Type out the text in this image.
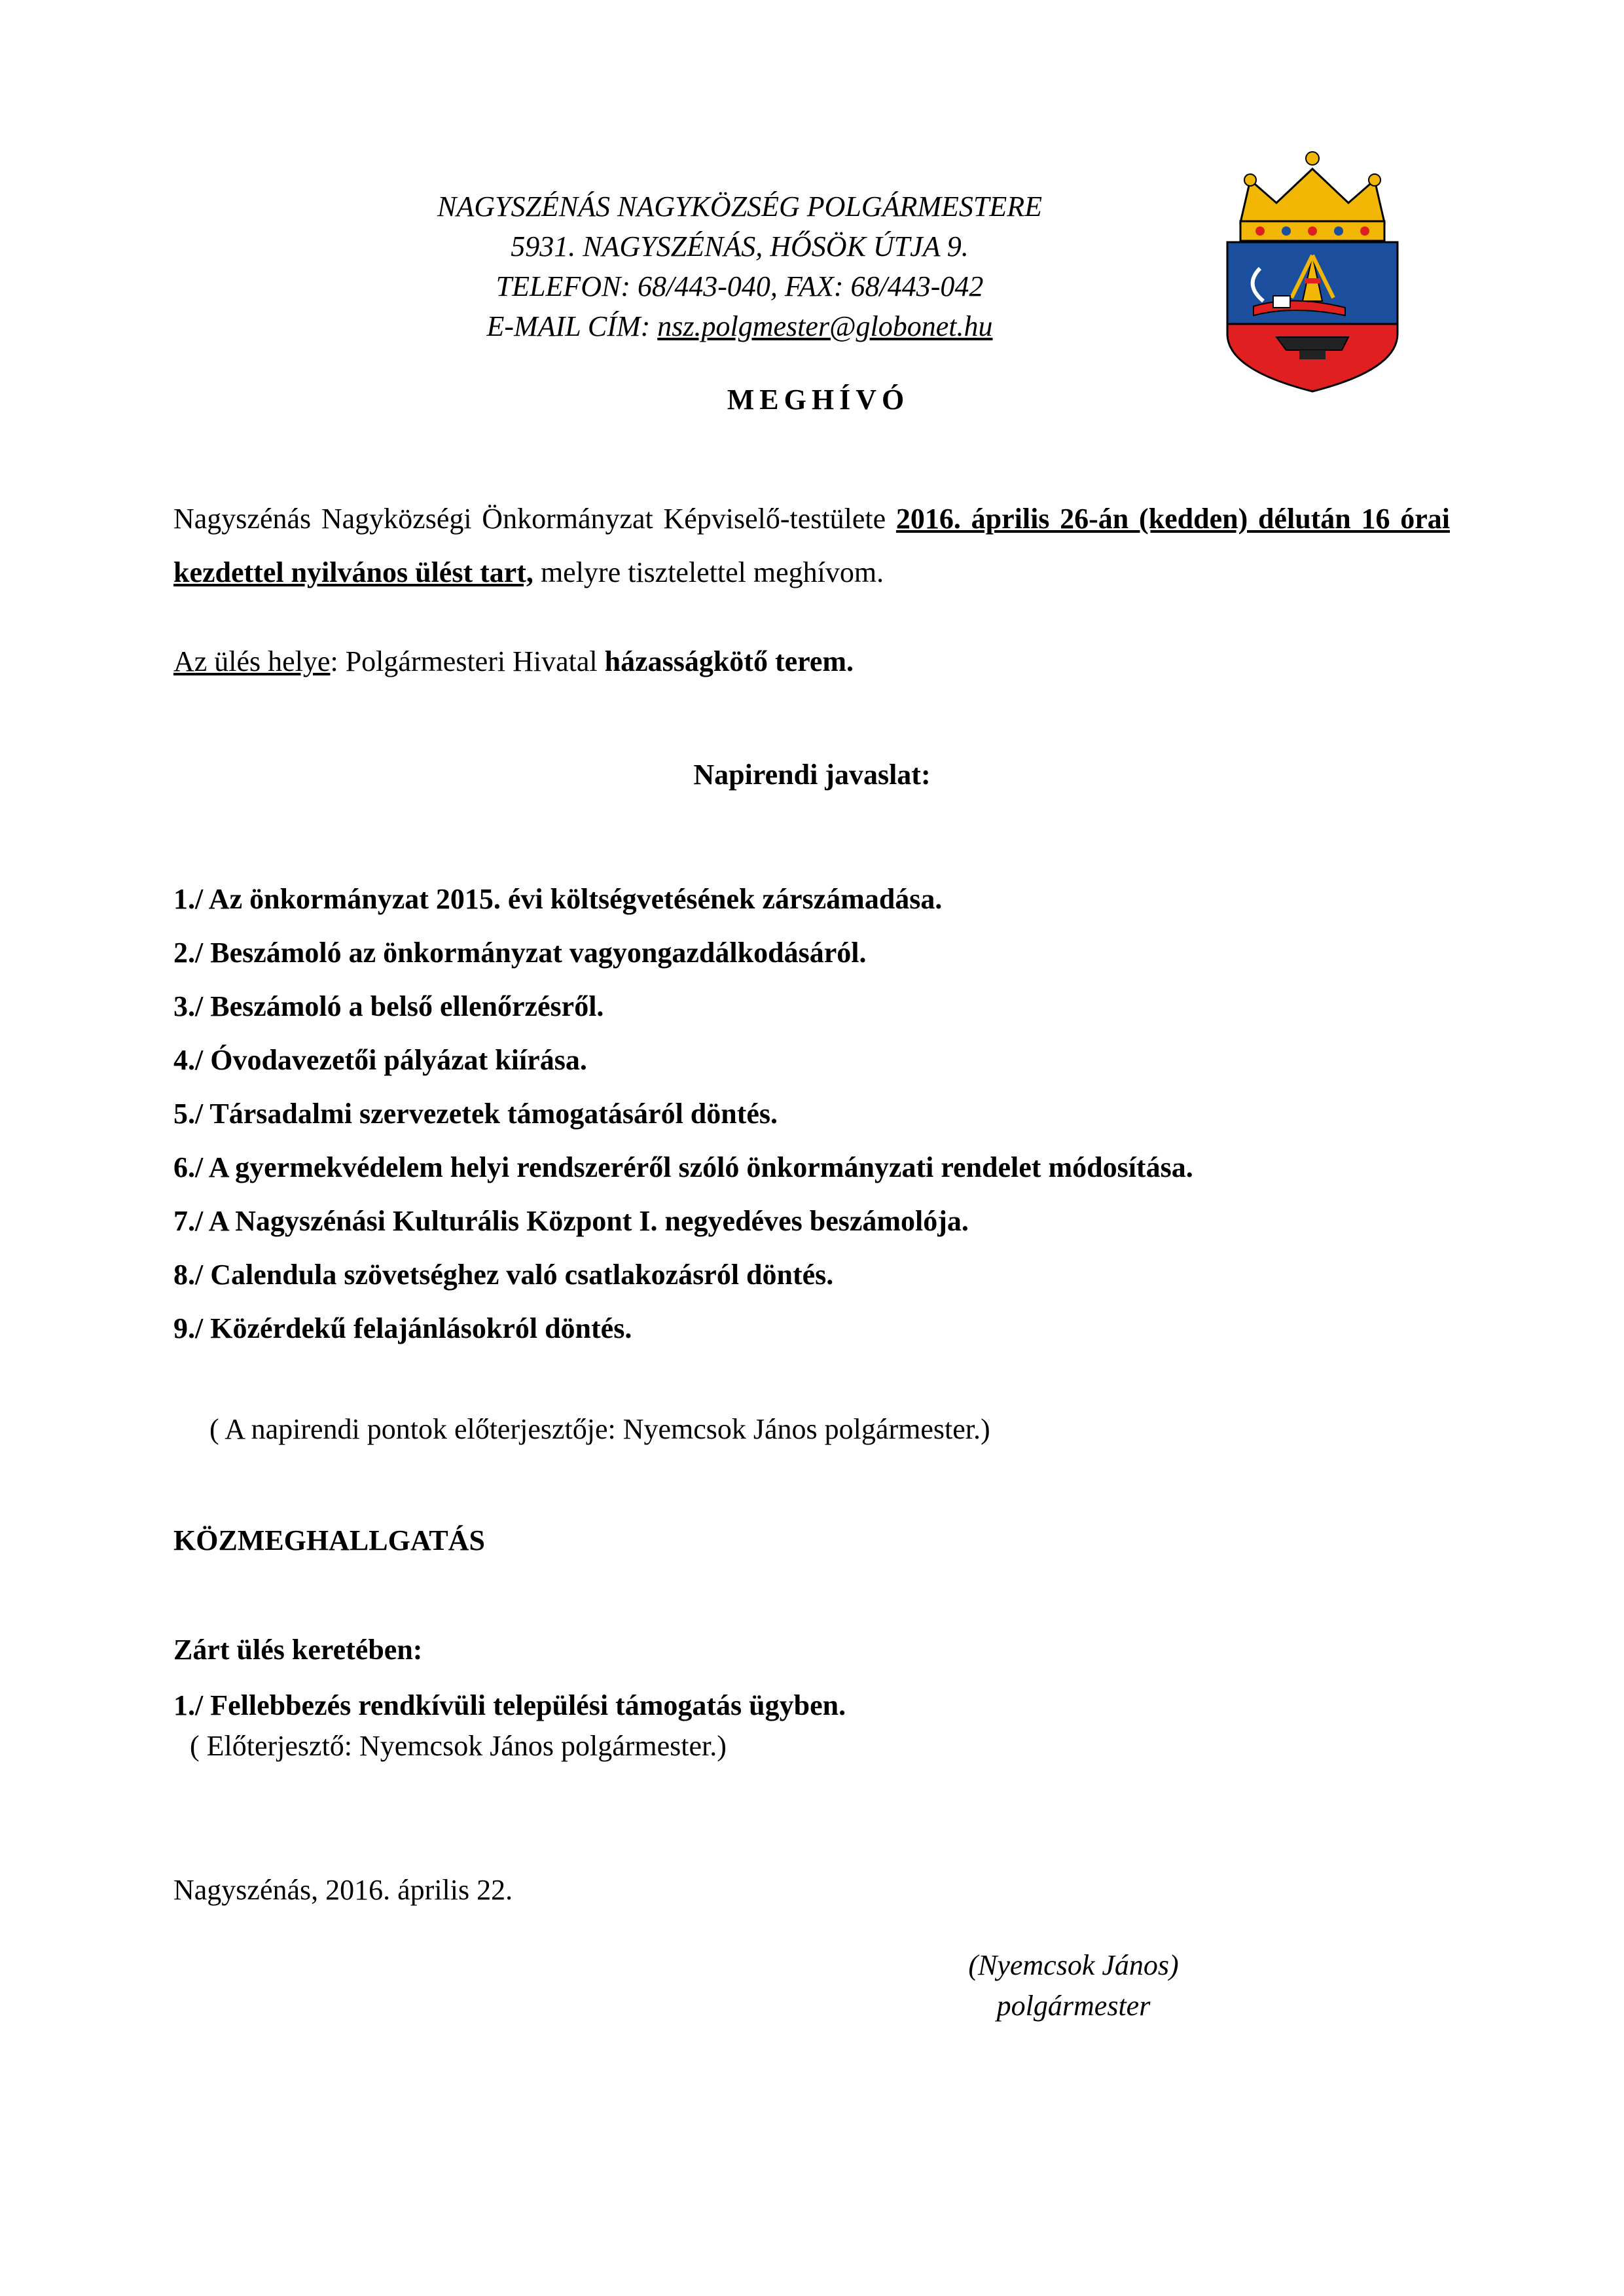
NAGYSZÉNÁS NAGYKÖZSÉG POLGÁRMESTERE
5931. NAGYSZÉNÁS, HŐSÖK ÚTJA 9.
TELEFON: 68/443-040, FAX: 68/443-042
E-MAIL CÍM: nsz.polgmester@globonet.hu
MEGHÍVÓ
Nagyszénás Nagyközségi Önkormányzat Képviselő-testülete 2016. április 26-án (kedden) délután 16 órai kezdettel nyilvános ülést tart, melyre tisztelettel meghívom.
Az ülés helye: Polgármesteri Hivatal házasságkötő terem.
Napirendi javaslat:
1./ Az önkormányzat 2015. évi költségvetésének zárszámadása.
2./ Beszámoló az önkormányzat vagyongazdálkodásáról.
3./ Beszámoló a belső ellenőrzésről.
4./ Óvodavezetői pályázat kiírása.
5./ Társadalmi szervezetek támogatásáról döntés.
6./ A gyermekvédelem helyi rendszeréről szóló önkormányzati rendelet módosítása.
7./ A Nagyszénási Kulturális Központ I. negyedéves beszámolója.
8./ Calendula szövetséghez való csatlakozásról döntés.
9./ Közérdekű felajánlásokról döntés.
( A napirendi pontok előterjesztője: Nyemcsok János polgármester.)
KÖZMEGHALLGATÁS
Zárt ülés keretében:
1./ Fellebbezés rendkívüli települési támogatás ügyben.
( Előterjesztő: Nyemcsok János polgármester.)
Nagyszénás, 2016. április 22.
(Nyemcsok János)
polgármester
